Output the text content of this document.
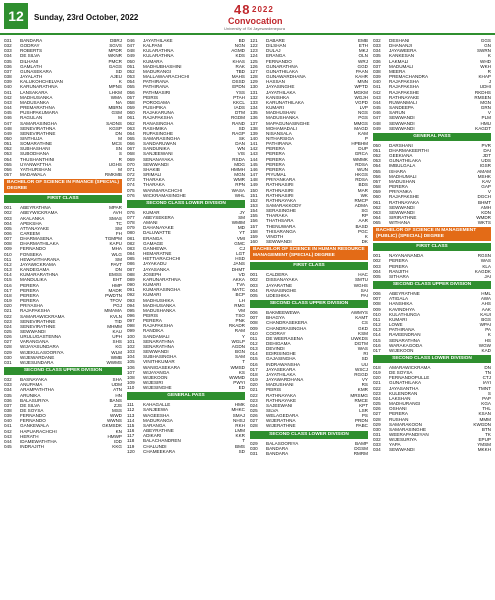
12	Sunday, 23rd October, 2022
48 2022
Convocation
University of Sri Jayewardenepura
031	BANDARA	DBRJ
032	GODRAY	SGVS
033	ROBERTS	MPDR
034	DE SILVA	WKNR
035	DILHANI	PMCR
036	GAMLATH	GAGS
037	GUNASEKARA	SD
038	JAYALATH	AJEU
039	KALUKOHCHELVAN	K
040	KARUNARATHNA	MPNS
041	LANSAKARA	LHKM
042	MADHUSANKA	WMA
043	MADUSANKA	NA
044	PREMARATHNA	MBRN
045	PUSHPAKUMARA	GSM
046	RAGULAN	M
047	SAMARASINGHA	SADNS
048	SENEVIRATHNA	KGSP
049	SENEVIRATHNE	DN
050	SINTHUJA	M
051	SOMARATHNE	MCS
052	SUBHASHANI	SN
053	SUBODHANA	S
054	THUSHANTHINI	R
055	UYANWATTHA	UGHS
056	YATHURSHAN	M
057	MADAWALA	RMKMB
BACHELOR OF SCIENCE IN FINANCE (SPECIAL) DEGREE
FIRST CLASS
001	ABEYRATHNA	MPAR
002	ABEYWICKRAMA	AVH
003	AKALANKA	SMAS
004	APEKSHA	TC
005	ATTANAYAKE	SM
006	CAREEM	FH
007	DHARMASENA	TGMPM
008	DHARMATHILAKA	KAPU
009	FERNANDO	MHA
010	FONSEKA	WLG
011	HEWAVITHARANA	SM
012	JAYAWICKRAMA	PAVT
013	KANDEGAMA	DN
014	KUMARARATHNA	EMSS
015	MANDULIKA	EHT
016	PERERA	HMP
017	PERERA	MADR
018	PERERA	PWDTN
019	PERERA	TFOV
020	PRIYASHA	PGJ
021	RAJAPAKSHA	MMAMA
022	SAMARAWICKRAMA	KVLN
023	SENEVIRATHNE	TID
024	SENEVIRATHNE	MHMM
025	SEWWANDI	KAU
026	URULUGASTENNA	UPH
027	VARANGANA	SHS
028	WIJAYASUNDARA	KG
029	WIJEKULASOORIYA	WLM
030	WIJEWARDANE	WMB
031	WIJESUNDARA	WWMS
SECOND CLASS UPPER DIVISION
032	BASNAYAKA	SHA
033	ANUPAMA	UDM
034	ARAMPATHTHA	ATN
035	ARUNIKA	HN
036	BALASURIYA	BANS
037	DE SILVA	ZJS
038	DE SOYSA	MSS
039	FERNANDO	WWD
040	FERNANDO	WWNS
041	GANKEWALA	GKMSDK
042	HAPUARACHCHI	KN
043	HERATH	HMWP
044	IDAMEWATHTHA	IDD
045	INDRAJITH	KKG
046	JAYATHILAKE	BD
047	KALPANI	NGN
048	KULARATHNA	AGMD
049	KULARATHNA	KDS
050	KUMARA	KHAS
051	MADHUBHASHINI	RAK
052	MADURANGI	TBD
053	MALLAWAARACHCHI	MAHS
054	PATHIRANA	DSSD
055	PATHIRANA	EPDN
056	PATHMASIRI	YSS
057	PEIRIS	PTAH
058	POROGAMA	KKCL
059	PUSHPIKA	IADS
060	RAJAKARUNA	DTM
061	RAJAPAKSHA	RGDM
062	RANASINGHA	RAND
063	RASHMIKA	SD
064	RUPASINGHE	RAGP
065	SAMARASINGHA	SK
066	SANDARUWAN	DAN
067	SANDUNIKA	WN
068	SANJEEWANI	VIS
069	SENANAYAKA	RSDA
070	SEWWANDI	MDG
071	SHAKIB	HMMH
072	SRIMALI	MGN
073	THARAKA	WMR
074	THARAKA	RPN
075	WANNIARACHCHI	WASA
076	WICKRAMASINGHE	WHL
SECOND CLASS LOWER DIVISION
076	KUMAR	JY
077	ABEYSEKERA	SM
078	AMANI	WMIM
079	DAHANAYAKE	MD
080	DALUWATTE	YT
081	ERANGA	VMI
082	GAMAGE	GMC
083	GANHEWA	CJ
084	HEMARATNE	LGT
085	HETTIARACHCHI	HSD
086	JAYAKADU	JANS
087	JAYASANKA	DHMT
088	JOSEPH	VD
089	KARUNARATHNA	AKKA
090	KUMARI	TVA
091	KUMARASINGHA	MATC
092	KUMARI	BCP
093	MADHUSHIKA	LH
094	MADHUSANKA	RMG
095	MADUSHANKA	VM
096	PEIRIS	TSO
097	PERERA	PNK
098	RAJAPAKSHA	RKADR
099	RANDIKA	RAM
100	SANDAMALI	Y
101	SENARATHNA	WGLP
102	SENARATHNA	AGDN
103	SEWWANDI	BGN
104	SUBHASINGHA	SAM
105	VINITHKUMAR	T
106	WANIGASEKARA	WMSD
107	WIJAYANGA	KS
108	WIJEKOON	WWMD
109	WIJESIRI	PWYI
110	WIJESINGHE	ED
GENERAL PASS
111	KAHAGALLE	HMK
112	SANJEEWA	MHKC
113	WAGEESHA	SMAJ
114	MADURANGA	NHSJ
115	SARANGA	RKH
116	ABEYRATHNE	LMM
117	ADIKARI	KKR
118	BALACHANDREN	T
119	CHALUNDI	BMS
120	CHAMEEKARA	SD
121	DABARE	EMB
122	DILSHAN	ETH
123	DULAJ	MKJ
124	ERANGA	OLN
125	FERNANDO	WRJ
126	GUNARATHNA	GGD
127	GUNATHILAKA	PAAN
128	GUNAWARDHANA	KAHR
129	HASSAN	MNN
130	JAYASINGHE	WPTD
131	JAYATHILAKA	MGKM
132	KANISHKA	WGJH
133	KARUNATHILAKA	VGPD
134	KUMARI	LVP
135	MADHUSHAN	NGS
136	MADUSHANKA	PGS
137	MAPAGUNASINGHE	MMGS
138	MOHAMADALI	MAGD
139	NISANSALA	KAM
140	NITHARSIGA	P
141	PATHIRANA	HPBHM
142	PERERA	DUP
143	PERERA	GRCA
144	PERERA	WMMK
145	PERERA	RDSA
146	PERERA	WUN
147	PIYUMAL	HKGS
148	PRIYANKARA	RDSA
149	RATHNASIRI	BDS
150	RATHNASIRI	MAR
151	RATHNASIRI	WK
152	RATHNAYAKA	RMCP
153	SAMARAKKODY	ADMA
154	SERASINGHE	SG
155	THARAKA	RP
156	THATHSARA	AAR
157	THENUWARA	BASD
158	THISARANGA	PGC
159	VINOTH	K
160	SEWWANDI	DK
BACHELOR OF SCIENCE IN HUMAN RESOURCE MANAGEMENT (SPECIAL) DEGREE
FIRST CLASS
001	CALDERA	HAC
002	DISSANAYAKA	SMTU
003	JAYARATNE	WGHS
004	RANASINGHE	SAI
005	UDESHIKA	PAI
SECOND CLASS UPPER DIVISION
006	BAKMEEWEWA	AWMYS
007	BHAGYA	KAMT
008	CHANDRASEKERA	CS
009	CHANDRASINGHA	GKD
010	COORAY	KSM
011	DE WEERASENA	UWKDS
012	DEHIGAMA	DGTM
013	DEVINDI	WAS
014	EDIRISINGHE	RI
015	GAJASINGHA	SD
016	INDRAWANSHA	UU
017	JAYASEKARA	WSCJ
018	JAYATHILAKA	RGGD
019	JAYAWARDHANA	VY
020	MADUSHANI	RS
021	PEIRIS	KMR
022	RATHNAYAKA	MRSMG
023	RATHNAYAKE	RMCE
024	SAJEEWANI	KPT
025	SILVA	LSR
026	WELAGEDARA	PS
027	WIJERATHNA	PRDN
028	WIJERATHNE	PABC
SECOND CLASS LOWER DIVISION
029	BALASOORIYA	BAMP
030	BANDARA	DGSM
031	BANDARA	RMRM
032	DESHANI	GGS
033	DHANANJI	GN
034	JAYAWEERA	SWRN
035	KANKESAN	K
036	LAKMALI	WHD
037	MADUMALI	WKH
038	MEERA	R
039	PREMACHANDRA	KHAP
040	RAJAPAKSHA	J
041	RAJAPAKSHA	UDHI
042	RAJAPAKSHE	RKDHS
043	RATHNAYAKE	RMSEN
044	RUWANMALI	MGN
045	SANDEEPA	GRN
046	SARUN	V
047	SEWWANDI	PLM
048	SEWWANDI	HMU
049	SEWWANDI	KAGDT
GENERAL PASS
050	DARSHANI	PVR
051	DHARMAKEERTHI	DAI
052	GEEKIANA	JDT
053	GUNATHILAKA	UDS
054	IMBULGALA	IGSR
055	ISHARA	AMAM
056	MADHUMALI	MSHK
057	MADUSHAN	KAV
058	PERERA	GAP
059	PRIYANKA	V
060	RAJAPAKSHE	DGCH
061	RATHNAYAKA	BHMT
062	SEWWANDI	AMH
063	SEWWANDI	KDN
064	SIRIRATHNE	WMDR
065	WITHANA	WKTS
BACHELOR OF SCIENCE IN MANAGEMENT (PUBLIC) (SPECIAL) DEGREE
FIRST CLASS
001	NAYANANANDA	RGSN
002	PERERA	WAS
003	PERERA	KLA
004	RANJITH	KAGDK
005	SITHARA	JAI
SECOND CLASS UPPER DIVISION
006	ABEYRATHNE	HML
007	ATIGALA	AWA
008	HANSHIKA	AHS
009	KAVINDHYA	AAK
010	KULATHUNGA	KAUI
011	KUMARI	BGS
012	LOWE	WPAI
013	PATHIRANA	PA
014	RAVEENDRAN	K
015	SENARATHNA	HS
016	WARAKAGODA	WGW
017	WIJEKOON	KAD
SECOND CLASS LOWER DIVISION
018	AMARAWICKRAMA	DN
019	DE SOYSA	TN
020	FERNANDOPULLE	CTJ
021	GUNATHILAKA	IAYI
022	JAYASANTHA	TMNT
023	KULENDRAN	S
024	LAKSHAN	PAP
025	MADHURANGI	KGA
026	OSHANI	THL
027	PERERA	KSAN
028	RUSHAN	MMM
029	SAMARAKOON	KWGDN
030	SAMARASINGHE	BTN
031	WEERAPANDIYAN	TK
032	WIJESURIYA	EPUP
033	YAPA	YMSM
034	SEWWANDI	MKKH
